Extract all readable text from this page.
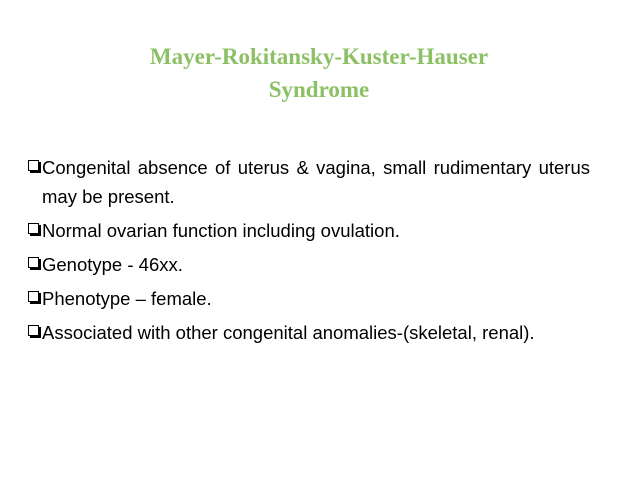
Mayer-Rokitansky-Kuster-Hauser
Syndrome
Congenital absence of uterus & vagina, small rudimentary uterus may be present.
Normal ovarian function including ovulation.
Genotype - 46xx.
Phenotype – female.
Associated with other congenital anomalies-(skeletal, renal).
